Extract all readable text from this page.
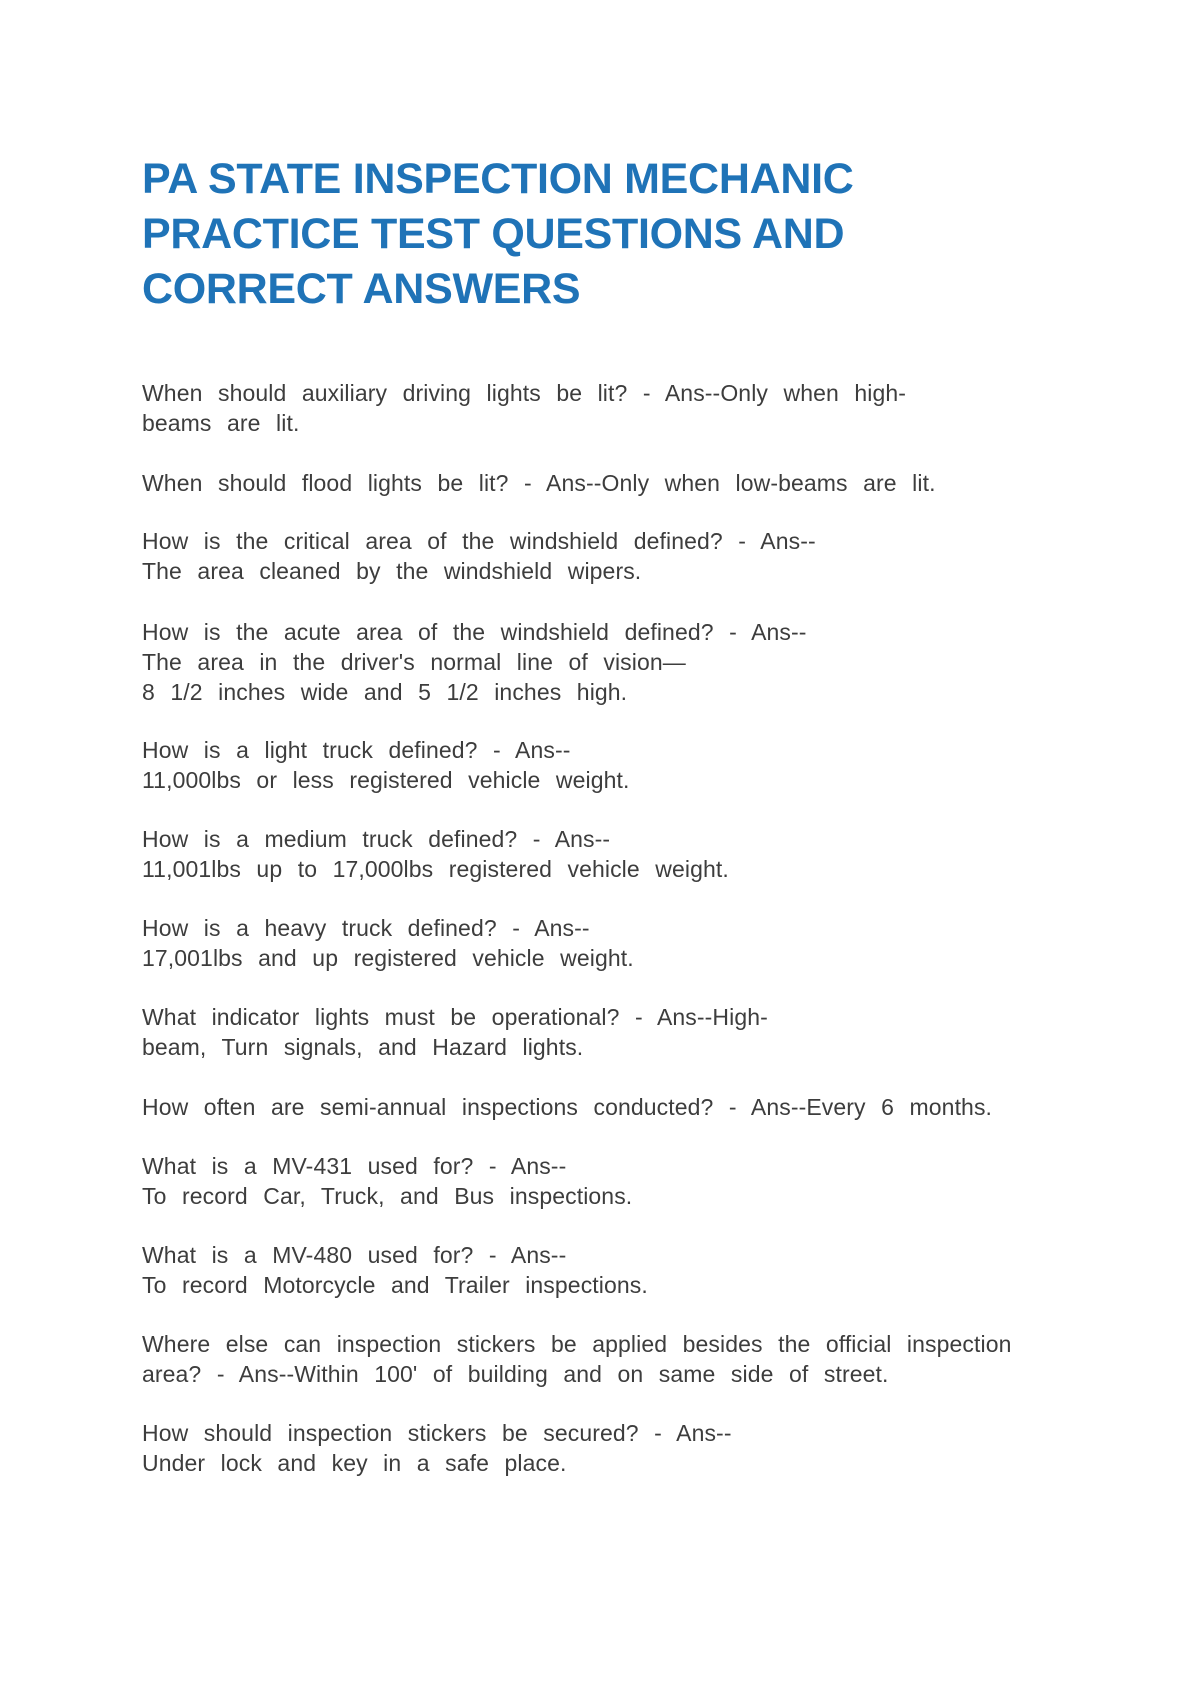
PA STATE INSPECTION MECHANIC
PRACTICE TEST QUESTIONS AND
CORRECT ANSWERS

When should auxiliary driving lights be lit? - Ans--Only when high-
beams are lit.

When should flood lights be lit? - Ans--Only when low-beams are lit.

How is the critical area of the windshield defined? - Ans--
The area cleaned by the windshield wipers.

How is the acute area of the windshield defined? - Ans--
The area in the driver's normal line of vision—
8 1/2 inches wide and 5 1/2 inches high.

How is a light truck defined? - Ans--
11,000lbs or less registered vehicle weight.

How is a medium truck defined? - Ans--
11,001lbs up to 17,000lbs registered vehicle weight.

How is a heavy truck defined? - Ans--
17,001lbs and up registered vehicle weight.

What indicator lights must be operational? - Ans--High-
beam, Turn signals, and Hazard lights.

How often are semi-annual inspections conducted? - Ans--Every 6 months.

What is a MV-431 used for? - Ans--
To record Car, Truck, and Bus inspections.

What is a MV-480 used for? - Ans--
To record Motorcycle and Trailer inspections.

Where else can inspection stickers be applied besides the official inspection
area? - Ans--Within 100' of building and on same side of street.

How should inspection stickers be secured? - Ans--
Under lock and key in a safe place.
